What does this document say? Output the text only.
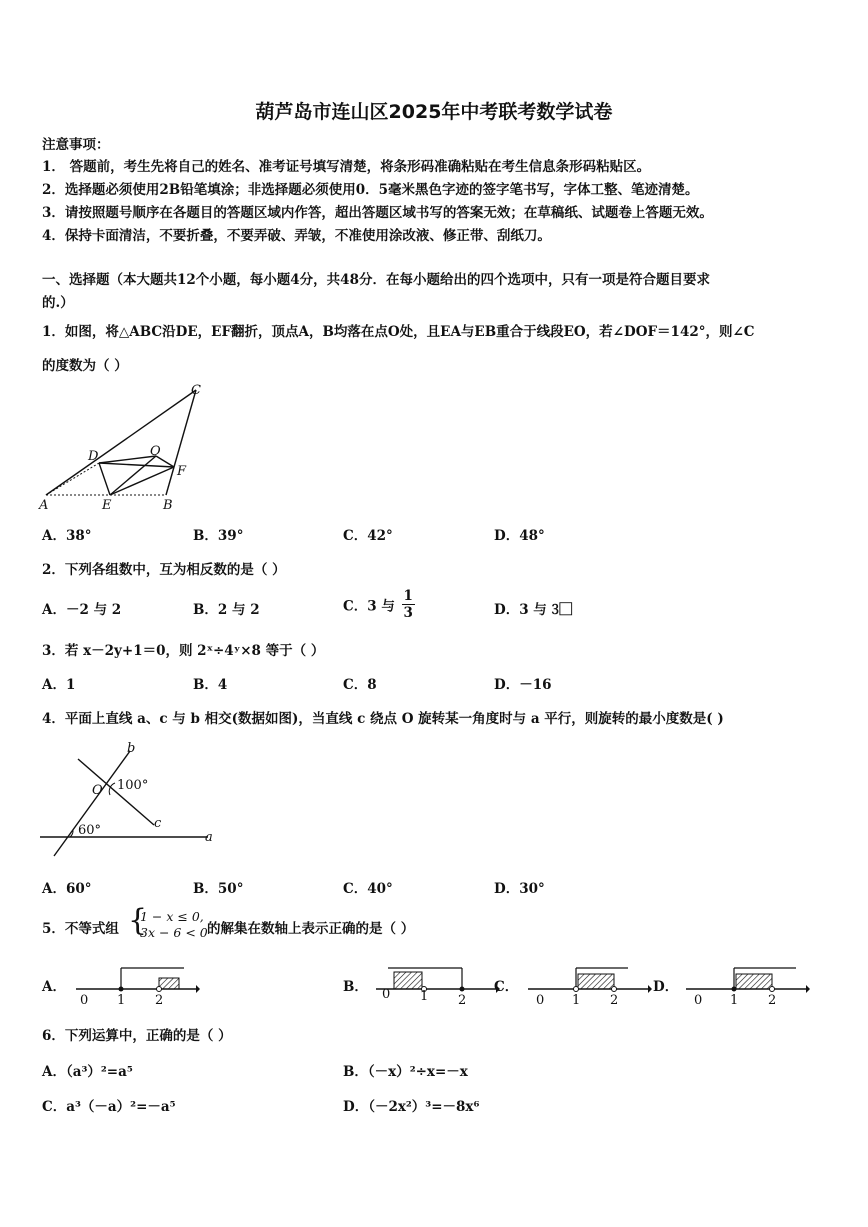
葫芦岛市连山区2025年中考联考数学试卷
注意事项：
1． 答题前，考生先将自己的姓名、准考证号填写清楚，将条形码准确粘贴在考生信息条形码粘贴区。
2．选择题必须使用2B铅笔填涂；非选择题必须使用0．5毫米黑色字迹的签字笔书写，字体工整、笔迹清楚。
3．请按照题号顺序在各题目的答题区域内作答，超出答题区域书写的答案无效；在草稿纸、试题卷上答题无效。
4．保持卡面清洁，不要折叠，不要弄破、弄皱，不准使用涂改液、修正带、刮纸刀。
一、选择题（本大题共12个小题，每小题4分，共48分．在每小题给出的四个选项中，只有一项是符合题目要求
的.）
1．如图，将△ABC沿DE，EF翻折，顶点A，B均落在点O处，且EA与EB重合于线段EO，若∠DOF＝142°，则∠C
的度数为（ ）
C
D	O
F
A	E	B
A．38°	B．39°	C．42°	D．48°
2．下列各组数中，互为相反数的是（ ）
A．－2 与 2	B．2 与 2	C．3 与 $\frac{1}{3}$	D．3 与 3⃞
3．若 x－2y+1＝0，则 2ˣ÷4ʸ×8 等于（ ）
A．1	B．4	C．8	D．－16
4．平面上直线 a、c 与 b 相交(数据如图)，当直线 c 绕点 O 旋转某一角度时与 a 平行，则旋转的最小度数是( )
b
O 100°
c
60°	a
A．60°	B．50°	C．40°	D．30°
5．不等式组 {
1 − x ≤ 0,
3x − 6 < 0 的解集在数轴上表示正确的是（ ）
A．
0 1 2
B． 0 1 2
C．
0 1 2
D．
0 1 2
6．下列运算中，正确的是（ ）
A．（a³）²=a⁵	B．（－x）²÷x=－x
C．a³（－a）²=－a⁵	D．（－2x²）³=－8x⁶
